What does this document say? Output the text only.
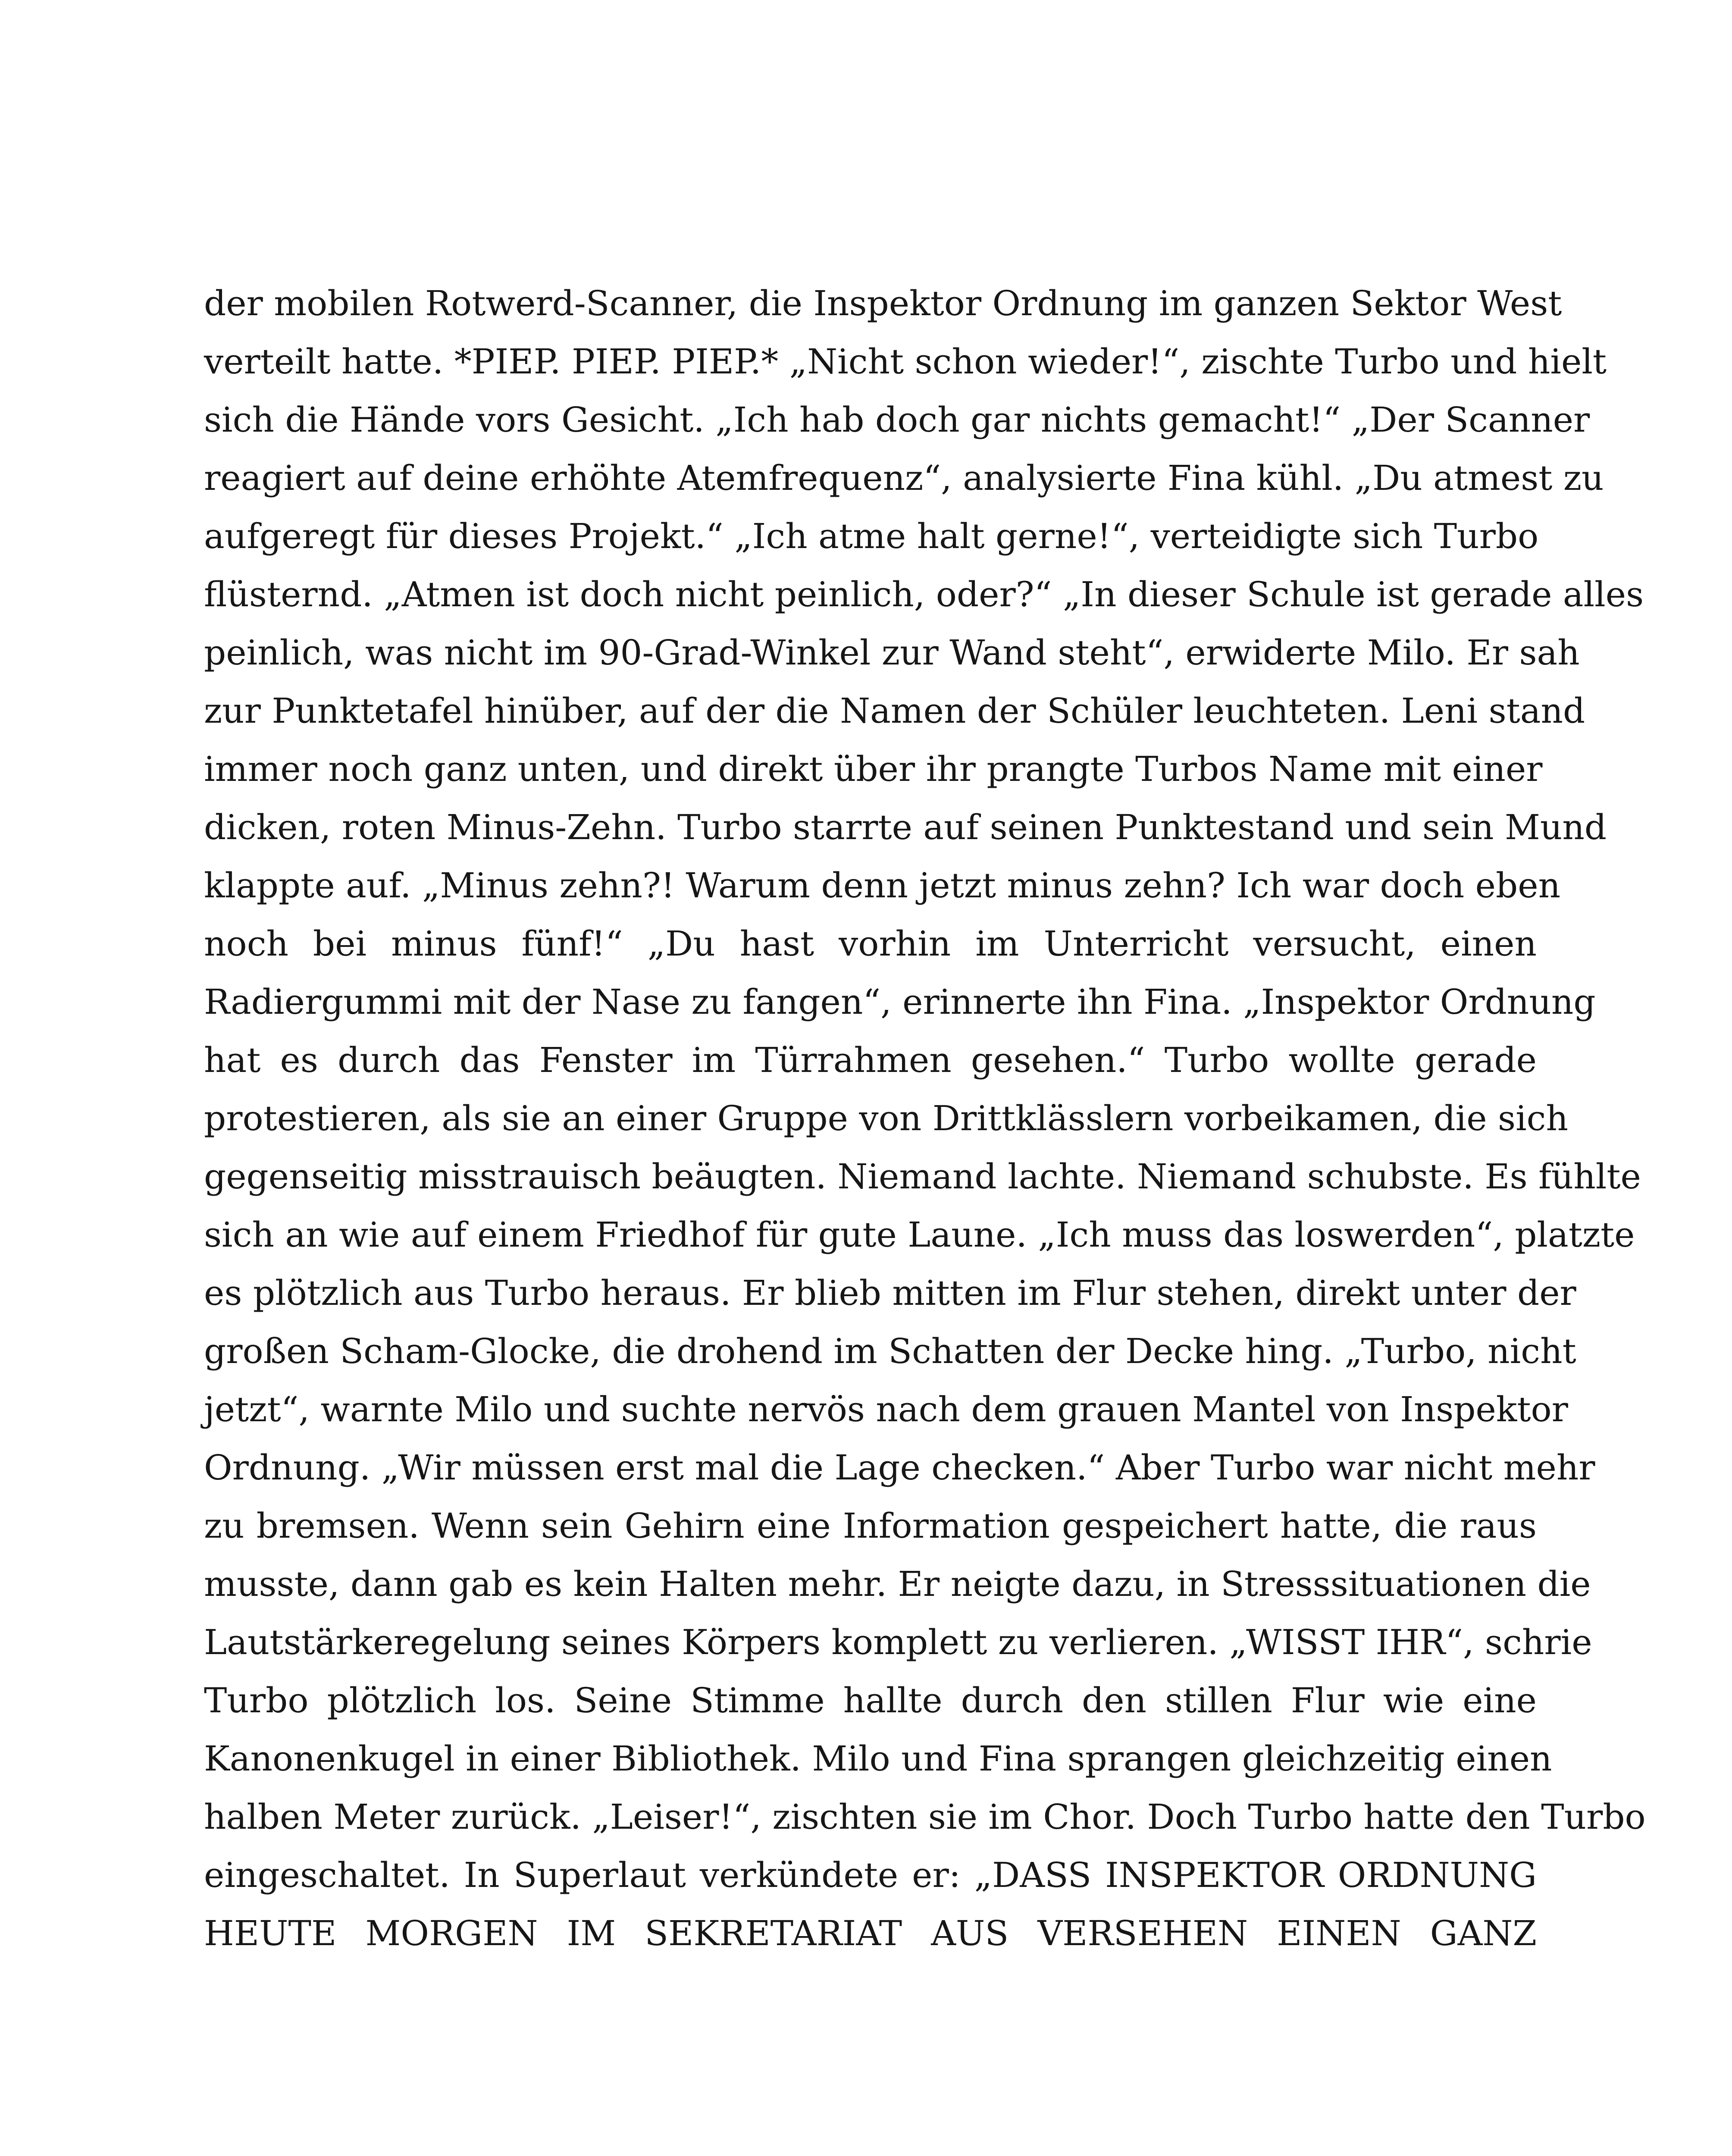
der mobilen Rotwerd-Scanner, die Inspektor Ordnung im ganzen Sektor West
verteilt hatte. *PIEP. PIEP. PIEP.* „Nicht schon wieder!“, zischte Turbo und hielt
sich die Hände vors Gesicht. „Ich hab doch gar nichts gemacht!“ „Der Scanner
reagiert auf deine erhöhte Atemfrequenz“, analysierte Fina kühl. „Du atmest zu
aufgeregt für dieses Projekt.“ „Ich atme halt gerne!“, verteidigte sich Turbo
flüsternd. „Atmen ist doch nicht peinlich, oder?“ „In dieser Schule ist gerade alles
peinlich, was nicht im 90-Grad-Winkel zur Wand steht“, erwiderte Milo. Er sah
zur Punktetafel hinüber, auf der die Namen der Schüler leuchteten. Leni stand
immer noch ganz unten, und direkt über ihr prangte Turbos Name mit einer
dicken, roten Minus-Zehn. Turbo starrte auf seinen Punktestand und sein Mund
klappte auf. „Minus zehn?! Warum denn jetzt minus zehn? Ich war doch eben
noch bei minus fünf!“ „Du hast vorhin im Unterricht versucht, einen
Radiergummi mit der Nase zu fangen“, erinnerte ihn Fina. „Inspektor Ordnung
hat es durch das Fenster im Türrahmen gesehen.“ Turbo wollte gerade
protestieren, als sie an einer Gruppe von Drittklässlern vorbeikamen, die sich
gegenseitig misstrauisch beäugten. Niemand lachte. Niemand schubste. Es fühlte
sich an wie auf einem Friedhof für gute Laune. „Ich muss das loswerden“, platzte
es plötzlich aus Turbo heraus. Er blieb mitten im Flur stehen, direkt unter der
großen Scham-Glocke, die drohend im Schatten der Decke hing. „Turbo, nicht
jetzt“, warnte Milo und suchte nervös nach dem grauen Mantel von Inspektor
Ordnung. „Wir müssen erst mal die Lage checken.“ Aber Turbo war nicht mehr
zu bremsen. Wenn sein Gehirn eine Information gespeichert hatte, die raus
musste, dann gab es kein Halten mehr. Er neigte dazu, in Stresssituationen die
Lautstärkeregelung seines Körpers komplett zu verlieren. „WISST IHR“, schrie
Turbo plötzlich los. Seine Stimme hallte durch den stillen Flur wie eine
Kanonenkugel in einer Bibliothek. Milo und Fina sprangen gleichzeitig einen
halben Meter zurück. „Leiser!“, zischten sie im Chor. Doch Turbo hatte den Turbo
eingeschaltet. In Superlaut verkündete er: „DASS INSPEKTOR ORDNUNG
HEUTE MORGEN IM SEKRETARIAT AUS VERSEHEN EINEN GANZ
